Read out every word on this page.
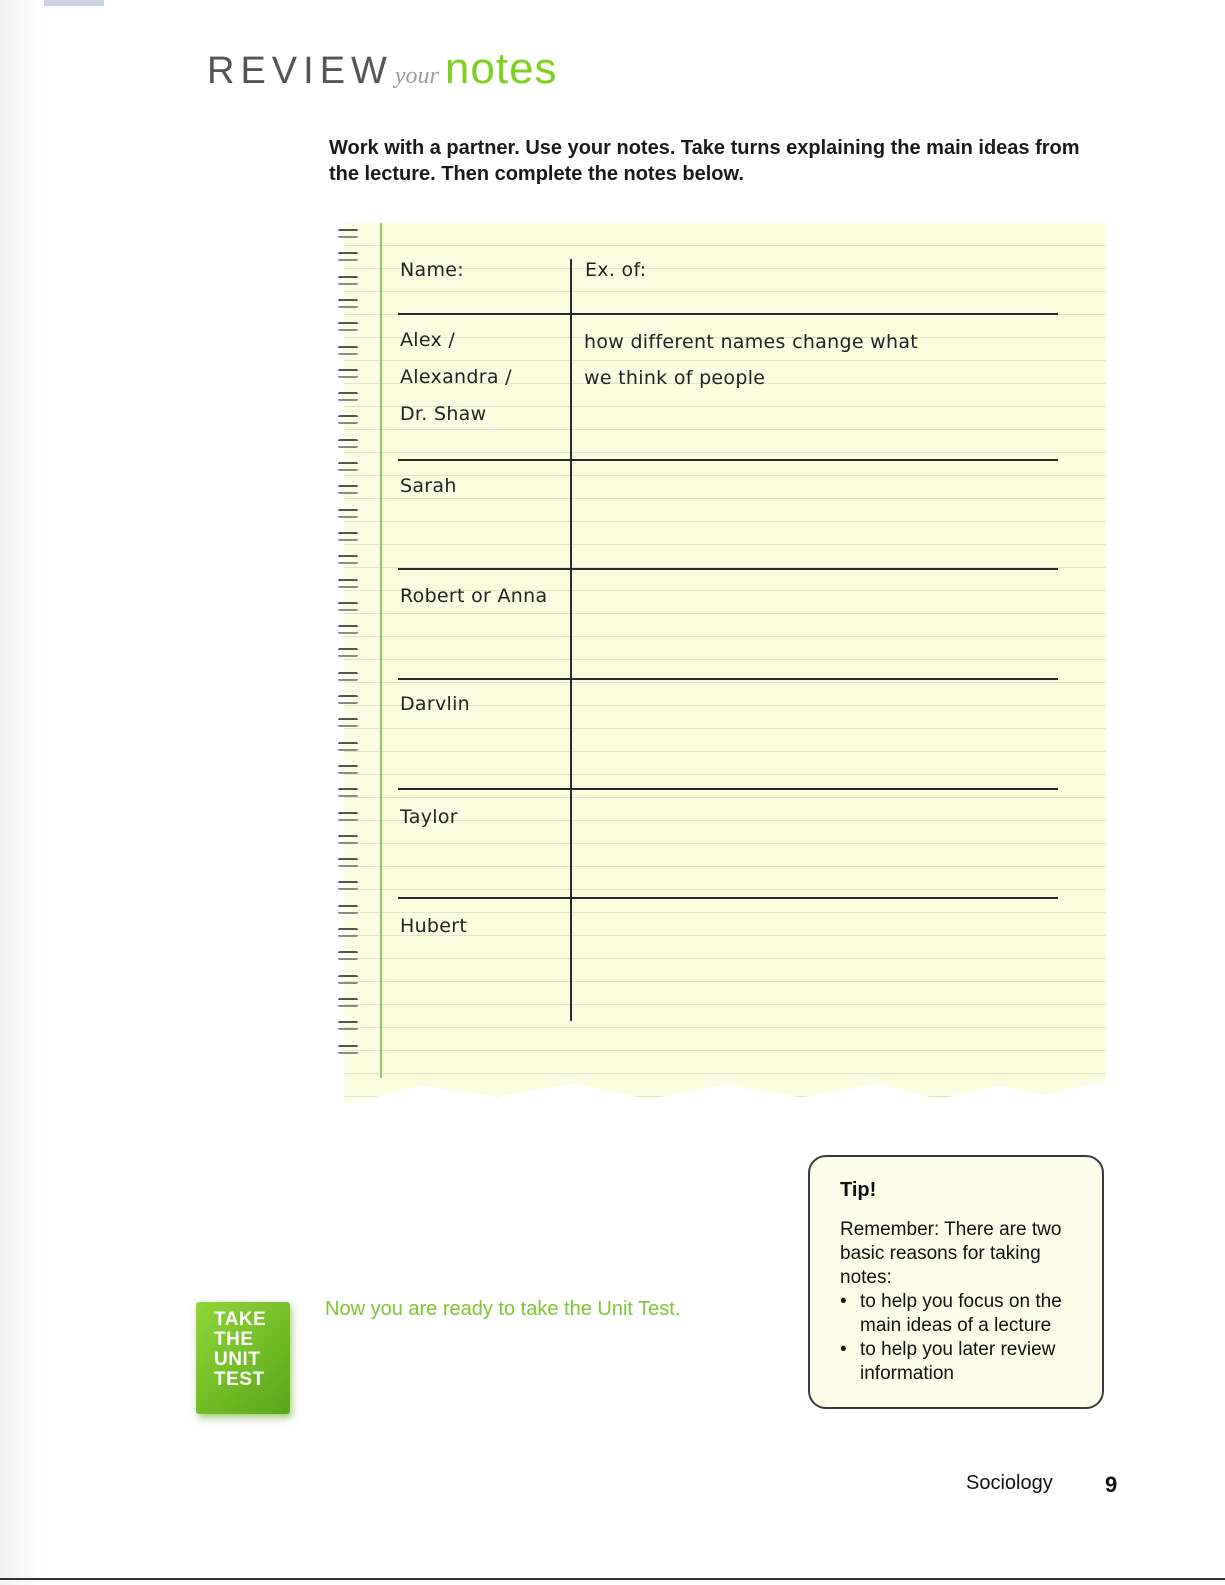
REVIEWyour notes
Work with a partner. Use your notes. Take turns explaining the main ideas from the lecture. Then complete the notes below.
Name:	Ex. of:
Alex /
Alexandra /
Dr. Shaw
how different names change what
we think of people
Sarah
Robert or Anna
Darvlin
Taylor
Hubert
TAKE
THE
UNIT
TEST
Now you are ready to take the Unit Test.
Tip!
Remember: There are two basic reasons for taking notes:
• to help you focus on the main ideas of a lecture
• to help you later review information
Sociology 9
